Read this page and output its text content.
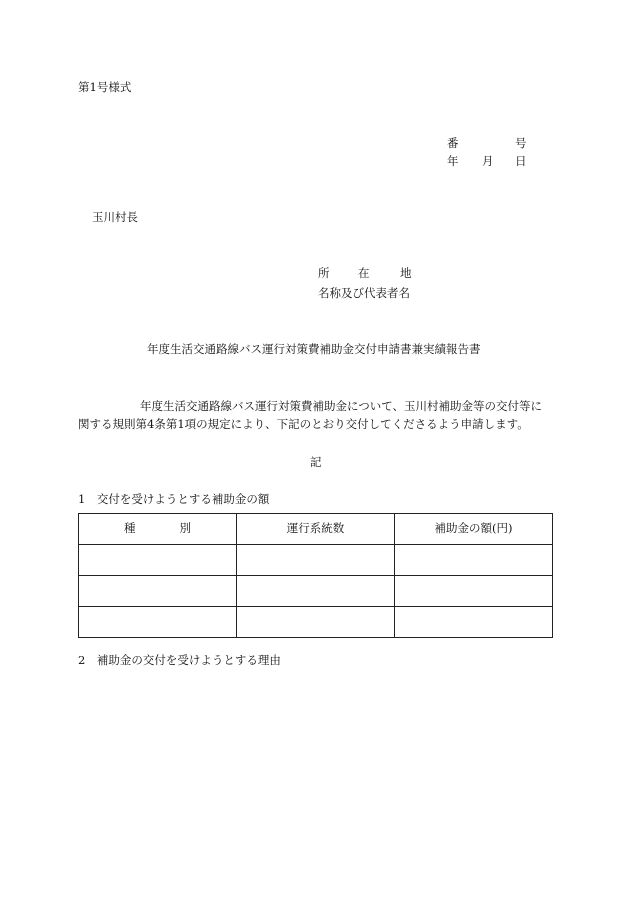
第1号様式
番	号
年 月 日
玉川村長
所 在	地
名称及び代表者名
年度生活交通路線バス運行対策費補助金交付申請書兼実績報告書
年度生活交通路線バス運行対策費補助金について、玉川村補助金等の交付等に
関する規則第4条第1項の規定により、下記のとおり交付してくださるよう申請します。
記
1　交付を受けようとする補助金の額
種 別	運行系統数	補助金の額(円)

2　補助金の交付を受けようとする理由
